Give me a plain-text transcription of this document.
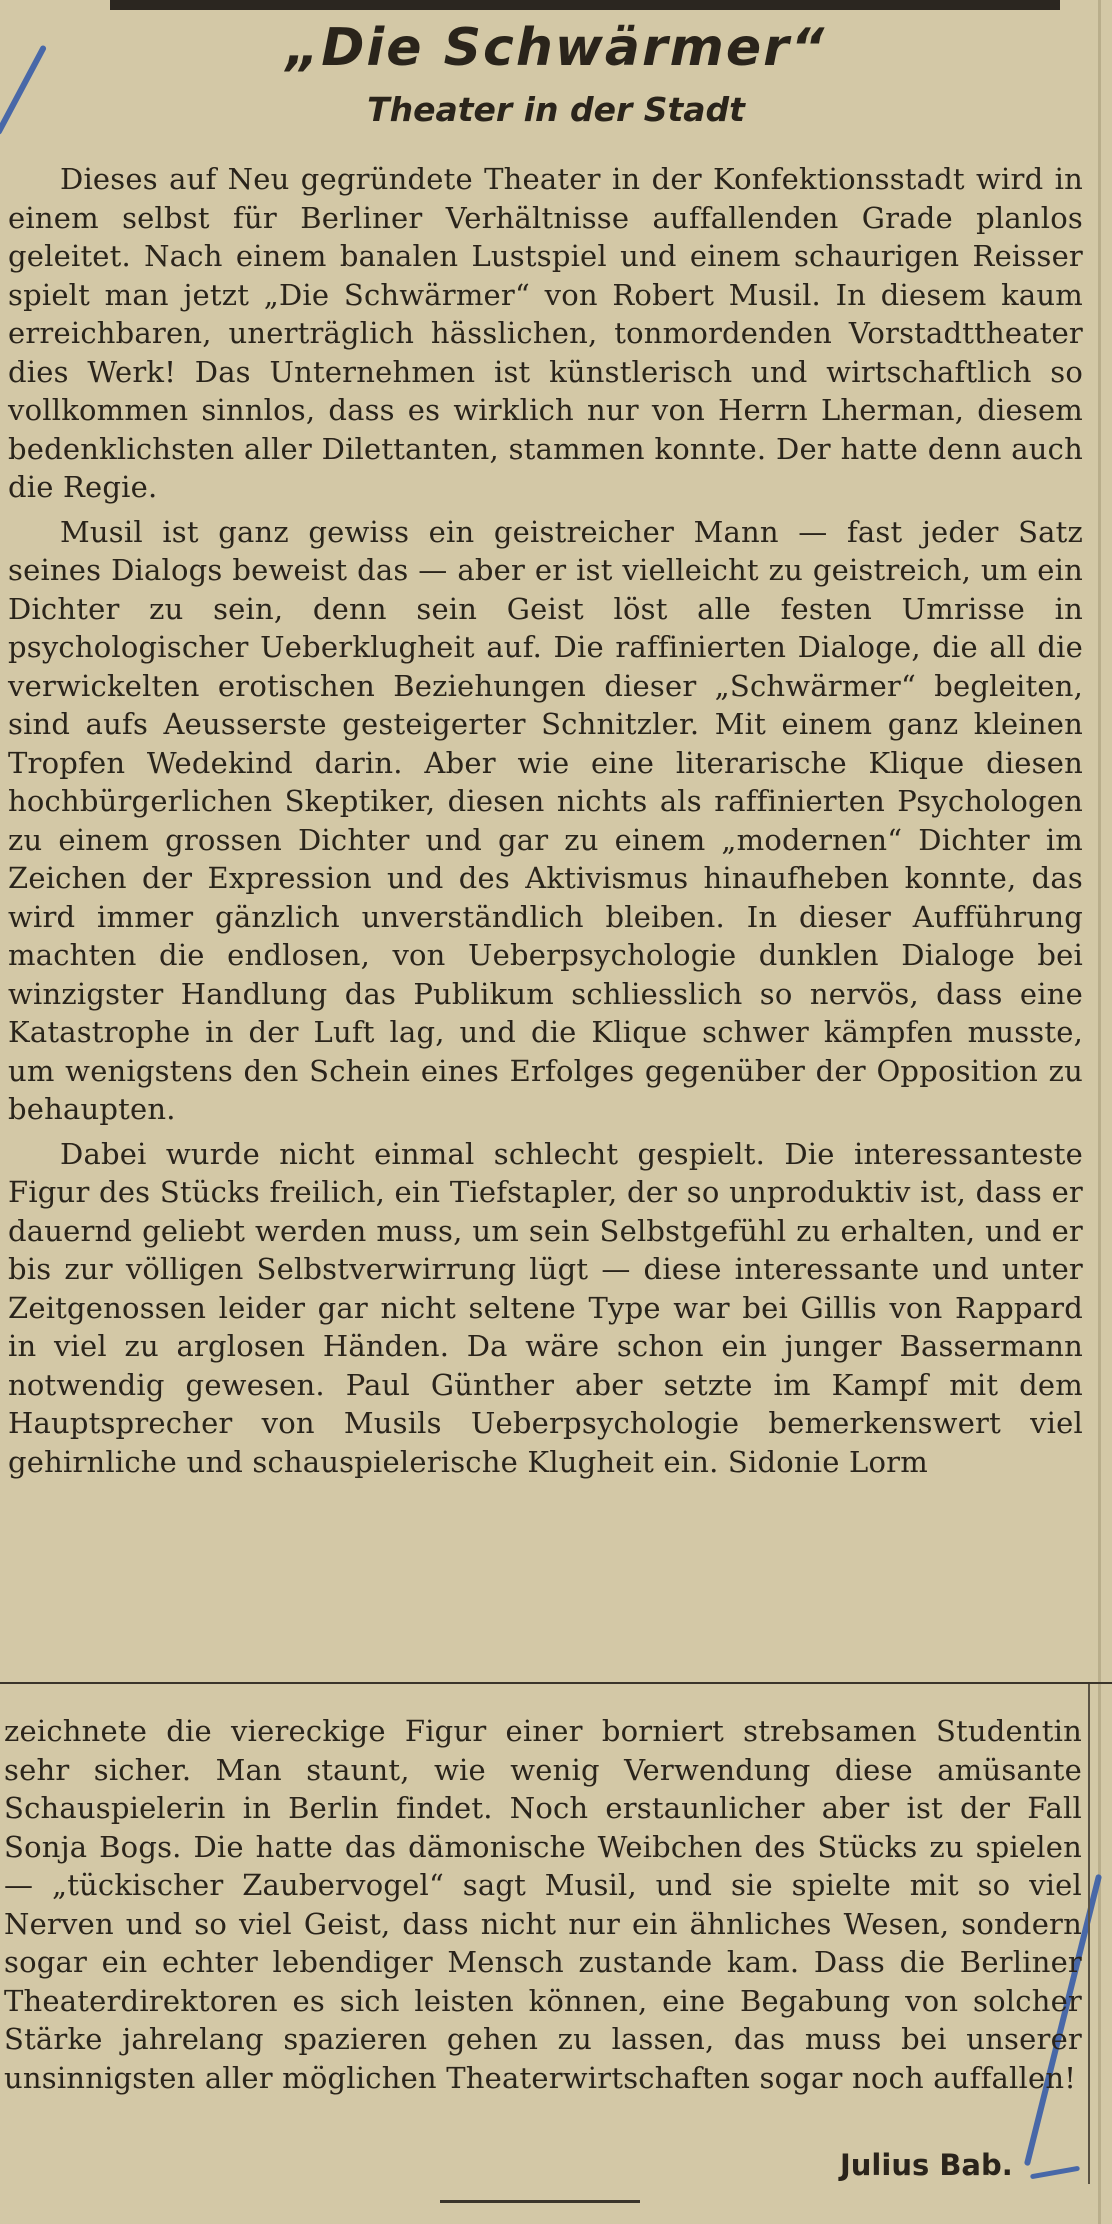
„Die Schwärmer“
Theater in der Stadt

Dieses auf Neu gegründete Theater in der Konfektionsstadt wird in einem selbst für Berliner Verhältnisse auffallenden Grade planlos geleitet. Nach einem banalen Lustspiel und einem schaurigen Reisser spielt man jetzt „Die Schwärmer“ von Robert Musil. In diesem kaum erreichbaren, unerträglich hässlichen, tonmordenden Vorstadttheater dies Werk! Das Unternehmen ist künstlerisch und wirtschaftlich so vollkommen sinnlos, dass es wirklich nur von Herrn Lherman, diesem bedenklichsten aller Dilettanten, stammen konnte. Der hatte denn auch die Regie.

Musil ist ganz gewiss ein geistreicher Mann — fast jeder Satz seines Dialogs beweist das — aber er ist vielleicht zu geistreich, um ein Dichter zu sein, denn sein Geist löst alle festen Umrisse in psychologischer Ueberklugheit auf. Die raffinierten Dialoge, die all die verwickelten erotischen Beziehungen dieser „Schwärmer“ begleiten, sind aufs Aeusserste gesteigerter Schnitzler. Mit einem ganz kleinen Tropfen Wedekind darin. Aber wie eine literarische Klique diesen hochbürgerlichen Skeptiker, diesen nichts als raffinierten Psychologen zu einem grossen Dichter und gar zu einem „modernen“ Dichter im Zeichen der Expression und des Aktivismus hinaufheben konnte, das wird immer gänzlich unverständlich bleiben. In dieser Aufführung machten die endlosen, von Ueberpsychologie dunklen Dialoge bei winzigster Handlung das Publikum schliesslich so nervös, dass eine Katastrophe in der Luft lag, und die Klique schwer kämpfen musste, um wenigstens den Schein eines Erfolges gegenüber der Opposition zu behaupten.

Dabei wurde nicht einmal schlecht gespielt. Die interessanteste Figur des Stücks freilich, ein Tiefstapler, der so unproduktiv ist, dass er dauernd geliebt werden muss, um sein Selbstgefühl zu erhalten, und er bis zur völligen Selbstverwirrung lügt — diese interessante und unter Zeitgenossen leider gar nicht seltene Type war bei Gillis von Rappard in viel zu arglosen Händen. Da wäre schon ein junger Bassermann notwendig gewesen. Paul Günther aber setzte im Kampf mit dem Hauptsprecher von Musils Ueberpsychologie bemerkenswert viel gehirnliche und schauspielerische Klugheit ein. Sidonie Lorm

zeichnete die viereckige Figur einer borniert strebsamen Studentin sehr sicher. Man staunt, wie wenig Verwendung diese amüsante Schauspielerin in Berlin findet. Noch erstaunlicher aber ist der Fall Sonja Bogs. Die hatte das dämonische Weibchen des Stücks zu spielen — „tückischer Zaubervogel“ sagt Musil, und sie spielte mit so viel Nerven und so viel Geist, dass nicht nur ein ähnliches Wesen, sondern sogar ein echter lebendiger Mensch zustande kam. Dass die Berliner Theaterdirektoren es sich leisten können, eine Begabung von solcher Stärke jahrelang spazieren gehen zu lassen, das muss bei unserer unsinnigsten aller möglichen Theaterwirtschaften sogar noch auffallen!

Julius Bab.
